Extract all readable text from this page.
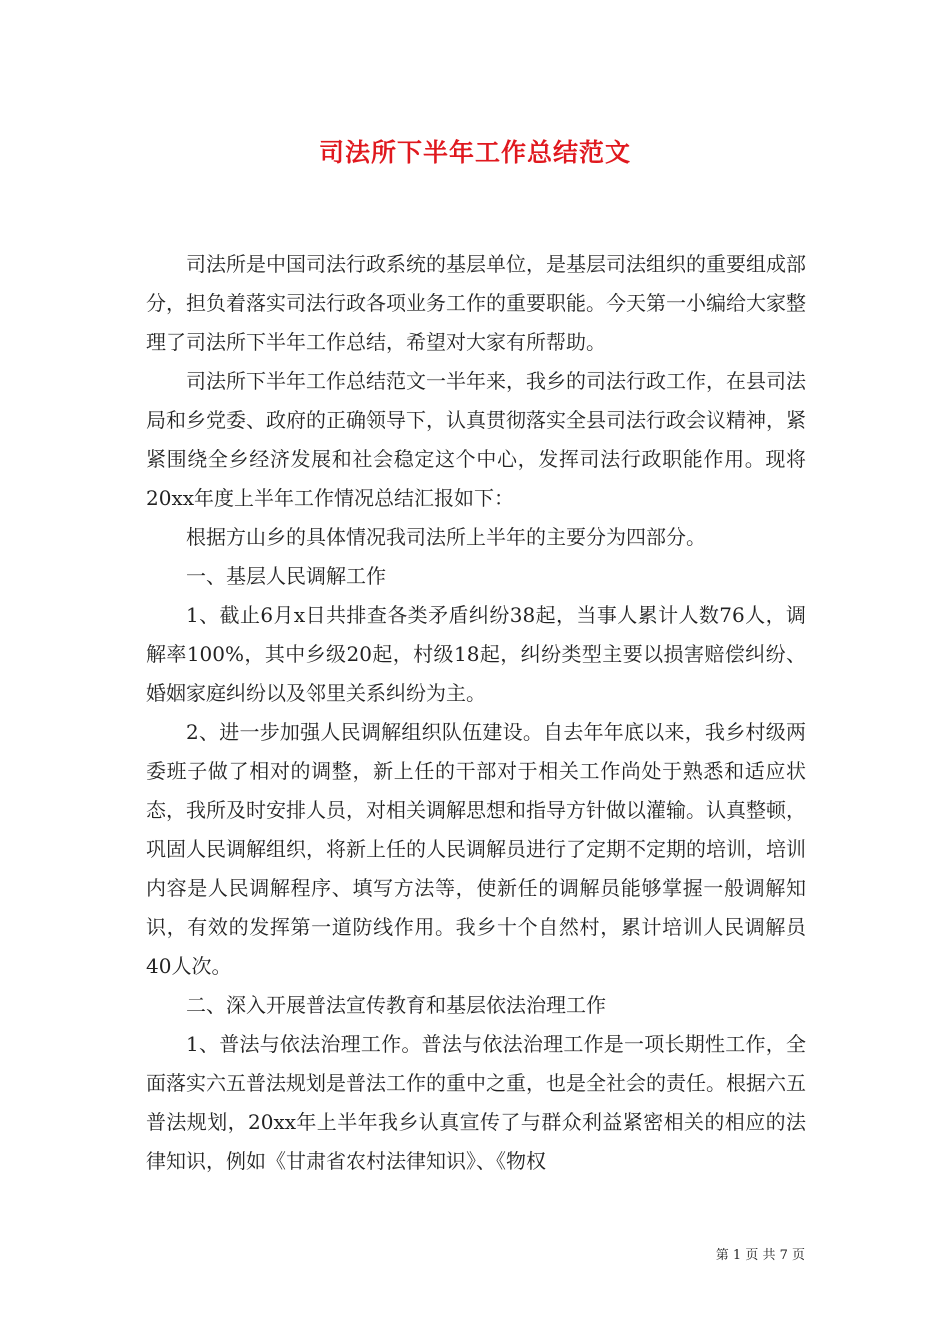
司法所下半年工作总结范文

司法所是中国司法行政系统的基层单位，是基层司法组织的重要组成部分，担负着落实司法行政各项业务工作的重要职能。今天第一小编给大家整理了司法所下半年工作总结，希望对大家有所帮助。

司法所下半年工作总结范文一半年来，我乡的司法行政工作，在县司法局和乡党委、政府的正确领导下，认真贯彻落实全县司法行政会议精神，紧紧围绕全乡经济发展和社会稳定这个中心，发挥司法行政职能作用。现将20xx年度上半年工作情况总结汇报如下：

根据方山乡的具体情况我司法所上半年的主要分为四部分。

一、基层人民调解工作

1、截止6月x日共排查各类矛盾纠纷38起，当事人累计人数76人，调解率100%，其中乡级20起，村级18起，纠纷类型主要以损害赔偿纠纷、婚姻家庭纠纷以及邻里关系纠纷为主。

2、进一步加强人民调解组织队伍建设。自去年年底以来，我乡村级两委班子做了相对的调整，新上任的干部对于相关工作尚处于熟悉和适应状态，我所及时安排人员，对相关调解思想和指导方针做以灌输。认真整顿，巩固人民调解组织，将新上任的人民调解员进行了定期不定期的培训，培训内容是人民调解程序、填写方法等，使新任的调解员能够掌握一般调解知识，有效的发挥第一道防线作用。我乡十个自然村，累计培训人民调解员40人次。

二、深入开展普法宣传教育和基层依法治理工作

1、普法与依法治理工作。普法与依法治理工作是一项长期性工作，全面落实六五普法规划是普法工作的重中之重，也是全社会的责任。根据六五普法规划，20xx年上半年我乡认真宣传了与群众利益紧密相关的相应的法律知识，例如《甘肃省农村法律知识》、《物权

第 1 页 共 7 页
